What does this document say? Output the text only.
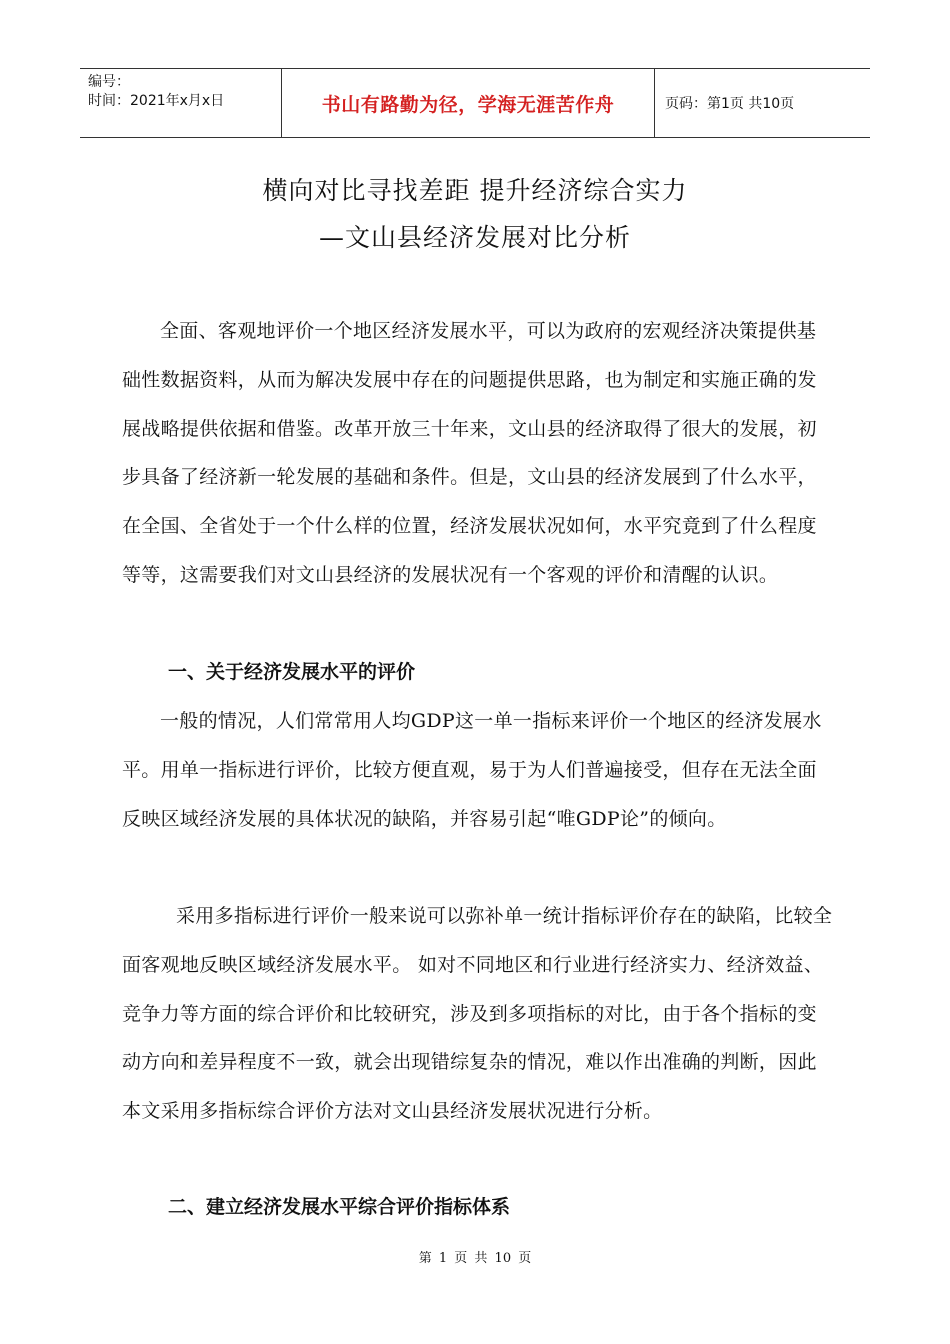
编号：
时间：2021年x月x日	书山有路勤为径，学海无涯苦作舟	页码：第1页 共10页
横向对比寻找差距 提升经济综合实力
—文山县经济发展对比分析

全面、客观地评价一个地区经济发展水平，可以为政府的宏观经济决策提供基础性数据资料，从而为解决发展中存在的问题提供思路，也为制定和实施正确的发展战略提供依据和借鉴。改革开放三十年来，文山县的经济取得了很大的发展，初步具备了经济新一轮发展的基础和条件。但是，文山县的经济发展到了什么水平，在全国、全省处于一个什么样的位置，经济发展状况如何，水平究竟到了什么程度等等，这需要我们对文山县经济的发展状况有一个客观的评价和清醒的认识。

一、关于经济发展水平的评价

一般的情况，人们常常用人均GDP这一单一指标来评价一个地区的经济发展水平。用单一指标进行评价，比较方便直观，易于为人们普遍接受，但存在无法全面反映区域经济发展的具体状况的缺陷，并容易引起“唯GDP论”的倾向。

采用多指标进行评价一般来说可以弥补单一统计指标评价存在的缺陷，比较全面客观地反映区域经济发展水平。 如对不同地区和行业进行经济实力、经济效益、竞争力等方面的综合评价和比较研究，涉及到多项指标的对比，由于各个指标的变动方向和差异程度不一致，就会出现错综复杂的情况，难以作出准确的判断，因此本文采用多指标综合评价方法对文山县经济发展状况进行分析。

二、建立经济发展水平综合评价指标体系
第 1 页 共 10 页
